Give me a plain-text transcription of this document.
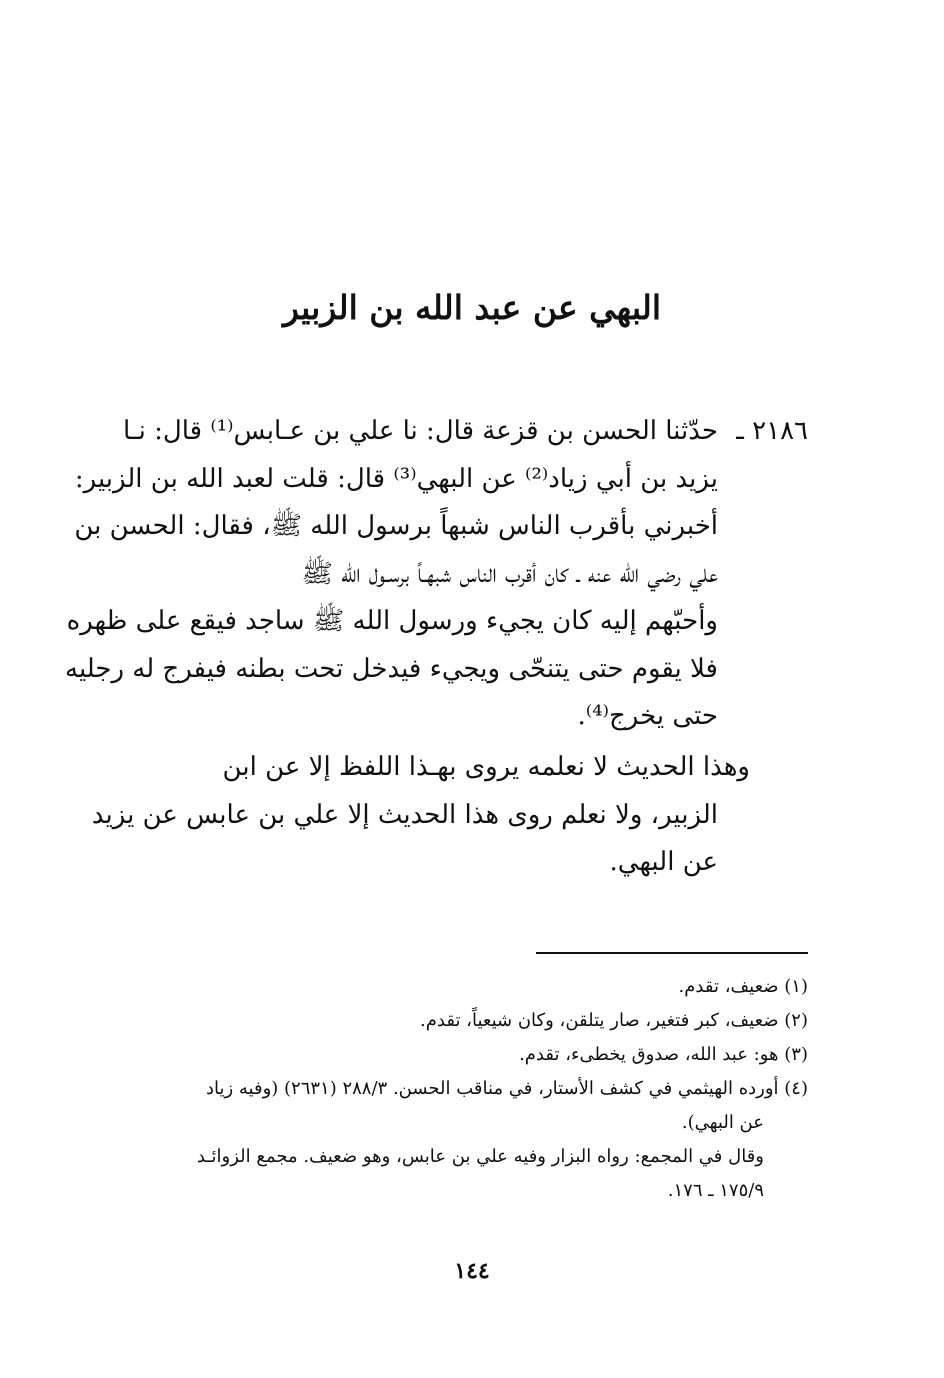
البهي عن عبد الله بن الزبير
٢١٨٦ ـ
حدّثنا الحسن بن قزعة قال: نا علي بن عـابس⁽¹⁾ قال: نـا
يزيد بن أبي زياد⁽²⁾ عن البهي⁽³⁾ قال: قلت لعبد الله بن الزبير:
أخبرني بأقرب الناس شبهاً برسول الله ﷺ، فقال: الحسن بن
علي رضي الله عنه ـ كان أقرب الناس شبهـاً برسـول الله ﷺ
وأحبّهم إليه كان يجيء ورسول الله ﷺ ساجد فيقع على ظهره
فلا يقوم حتى يتنحّى ويجيء فيدخل تحت بطنه فيفرج له رجليه
حتى يخرج⁽⁴⁾.
وهذا الحديث لا نعلمه يروى بهـذا اللفظ إلا عن ابن
الزبير، ولا نعلم روى هذا الحديث إلا علي بن عابس عن يزيد
عن البهي.
(١) ضعيف، تقدم.
(٢) ضعيف، كبر فتغير، صار يتلقن، وكان شيعياً، تقدم.
(٣) هو: عبد الله، صدوق يخطىء، تقدم.
(٤) أورده الهيثمي في كشف الأستار، في مناقب الحسن. ٢٨٨/٣ (٢٦٣١) (وفيه زياد
عن البهي).
وقال في المجمع: رواه البزار وفيه علي بن عابس، وهو ضعيف. مجمع الزوائـد
١٧٥/٩ ـ ١٧٦.
١٤٤
